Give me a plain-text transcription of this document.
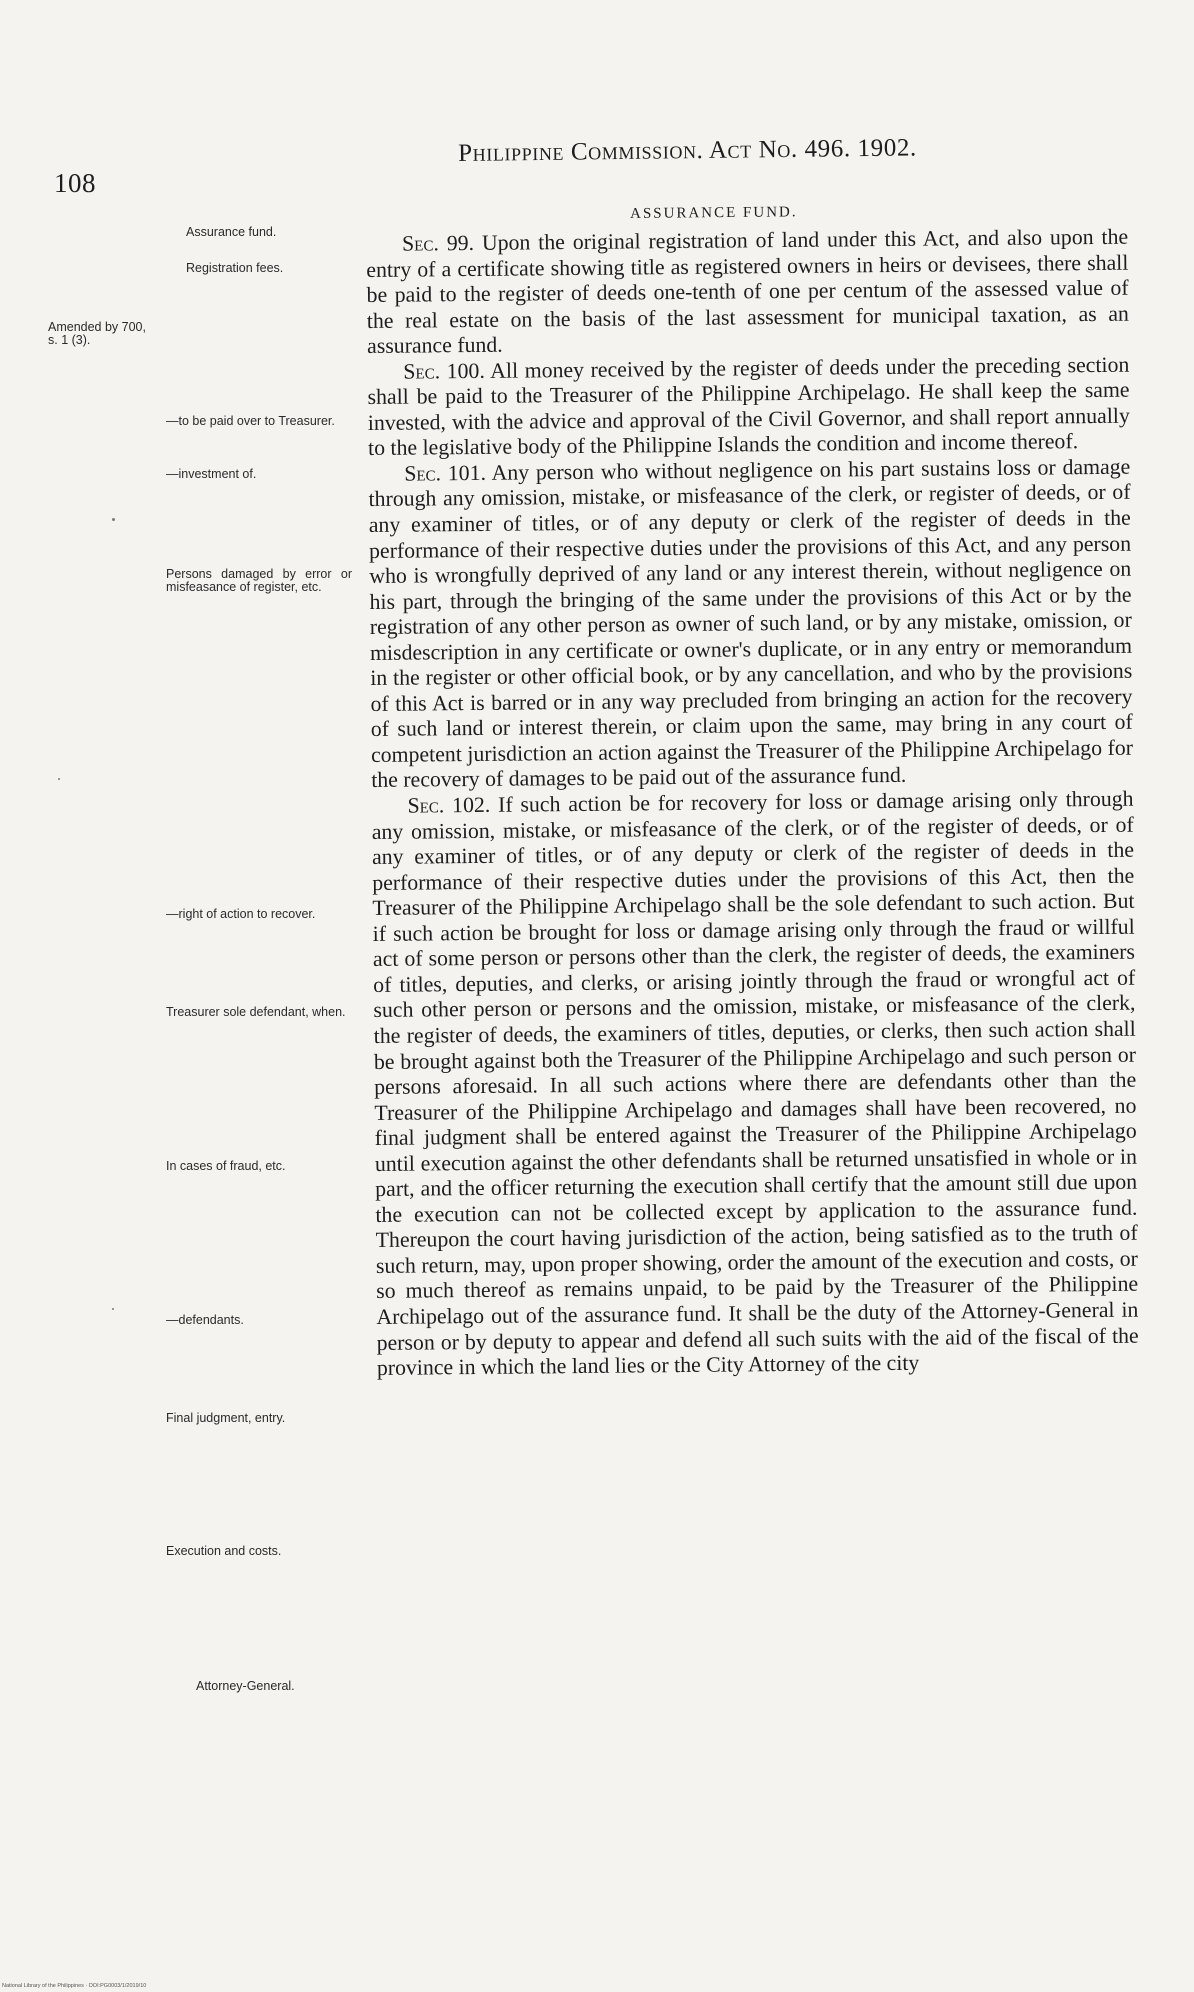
108
Philippine Commission. Act No. 496. 1902.
ASSURANCE FUND.
Assurance fund.
Registration fees.
Amended by 700, s. 1 (3).
—to be paid over to Treasurer.
—investment of.
Persons damaged by error or misfeasance of register, etc.
—right of action to recover.
Treasurer sole defendant, when.
In cases of fraud, etc.
—defendants.
Final judgment, entry.
Execution and costs.
Attorney-General.

Sec. 99. Upon the original registration of land under this Act, and also upon the entry of a certificate showing title as registered owners in heirs or devisees, there shall be paid to the register of deeds one-tenth of one per centum of the assessed value of the real estate on the basis of the last assessment for municipal taxation, as an assurance fund.

Sec. 100. All money received by the register of deeds under the preceding section shall be paid to the Treasurer of the Philippine Archipelago. He shall keep the same invested, with the advice and approval of the Civil Governor, and shall report annually to the legislative body of the Philippine Islands the condition and income thereof.

Sec. 101. Any person who without negligence on his part sustains loss or damage through any omission, mistake, or misfeasance of the clerk, or register of deeds, or of any examiner of titles, or of any deputy or clerk of the register of deeds in the performance of their respective duties under the provisions of this Act, and any person who is wrongfully deprived of any land or any interest therein, without negligence on his part, through the bringing of the same under the provisions of this Act or by the registration of any other person as owner of such land, or by any mistake, omission, or misdescription in any certificate or owner's duplicate, or in any entry or memorandum in the register or other official book, or by any cancellation, and who by the provisions of this Act is barred or in any way precluded from bringing an action for the recovery of such land or interest therein, or claim upon the same, may bring in any court of competent jurisdiction an action against the Treasurer of the Philippine Archipelago for the recovery of damages to be paid out of the assurance fund.

Sec. 102. If such action be for recovery for loss or damage arising only through any omission, mistake, or misfeasance of the clerk, or of the register of deeds, or of any examiner of titles, or of any deputy or clerk of the register of deeds in the performance of their respective duties under the provisions of this Act, then the Treasurer of the Philippine Archipelago shall be the sole defendant to such action. But if such action be brought for loss or damage arising only through the fraud or willful act of some person or persons other than the clerk, the register of deeds, the examiners of titles, deputies, and clerks, or arising jointly through the fraud or wrongful act of such other person or persons and the omission, mistake, or misfeasance of the clerk, the register of deeds, the examiners of titles, deputies, or clerks, then such action shall be brought against both the Treasurer of the Philippine Archipelago and such person or persons aforesaid. In all such actions where there are defendants other than the Treasurer of the Philippine Archipelago and damages shall have been recovered, no final judgment shall be entered against the Treasurer of the Philippine Archipelago until execution against the other defendants shall be returned unsatisfied in whole or in part, and the officer returning the execution shall certify that the amount still due upon the execution can not be collected except by application to the assurance fund. Thereupon the court having jurisdiction of the action, being satisfied as to the truth of such return, may, upon proper showing, order the amount of the execution and costs, or so much thereof as remains unpaid, to be paid by the Treasurer of the Philippine Archipelago out of the assurance fund. It shall be the duty of the Attorney-General in person or by deputy to appear and defend all such suits with the aid of the fiscal of the province in which the land lies or the City Attorney of the city

National Library of the Philippines · DOI:PG0003/1/2019/10
